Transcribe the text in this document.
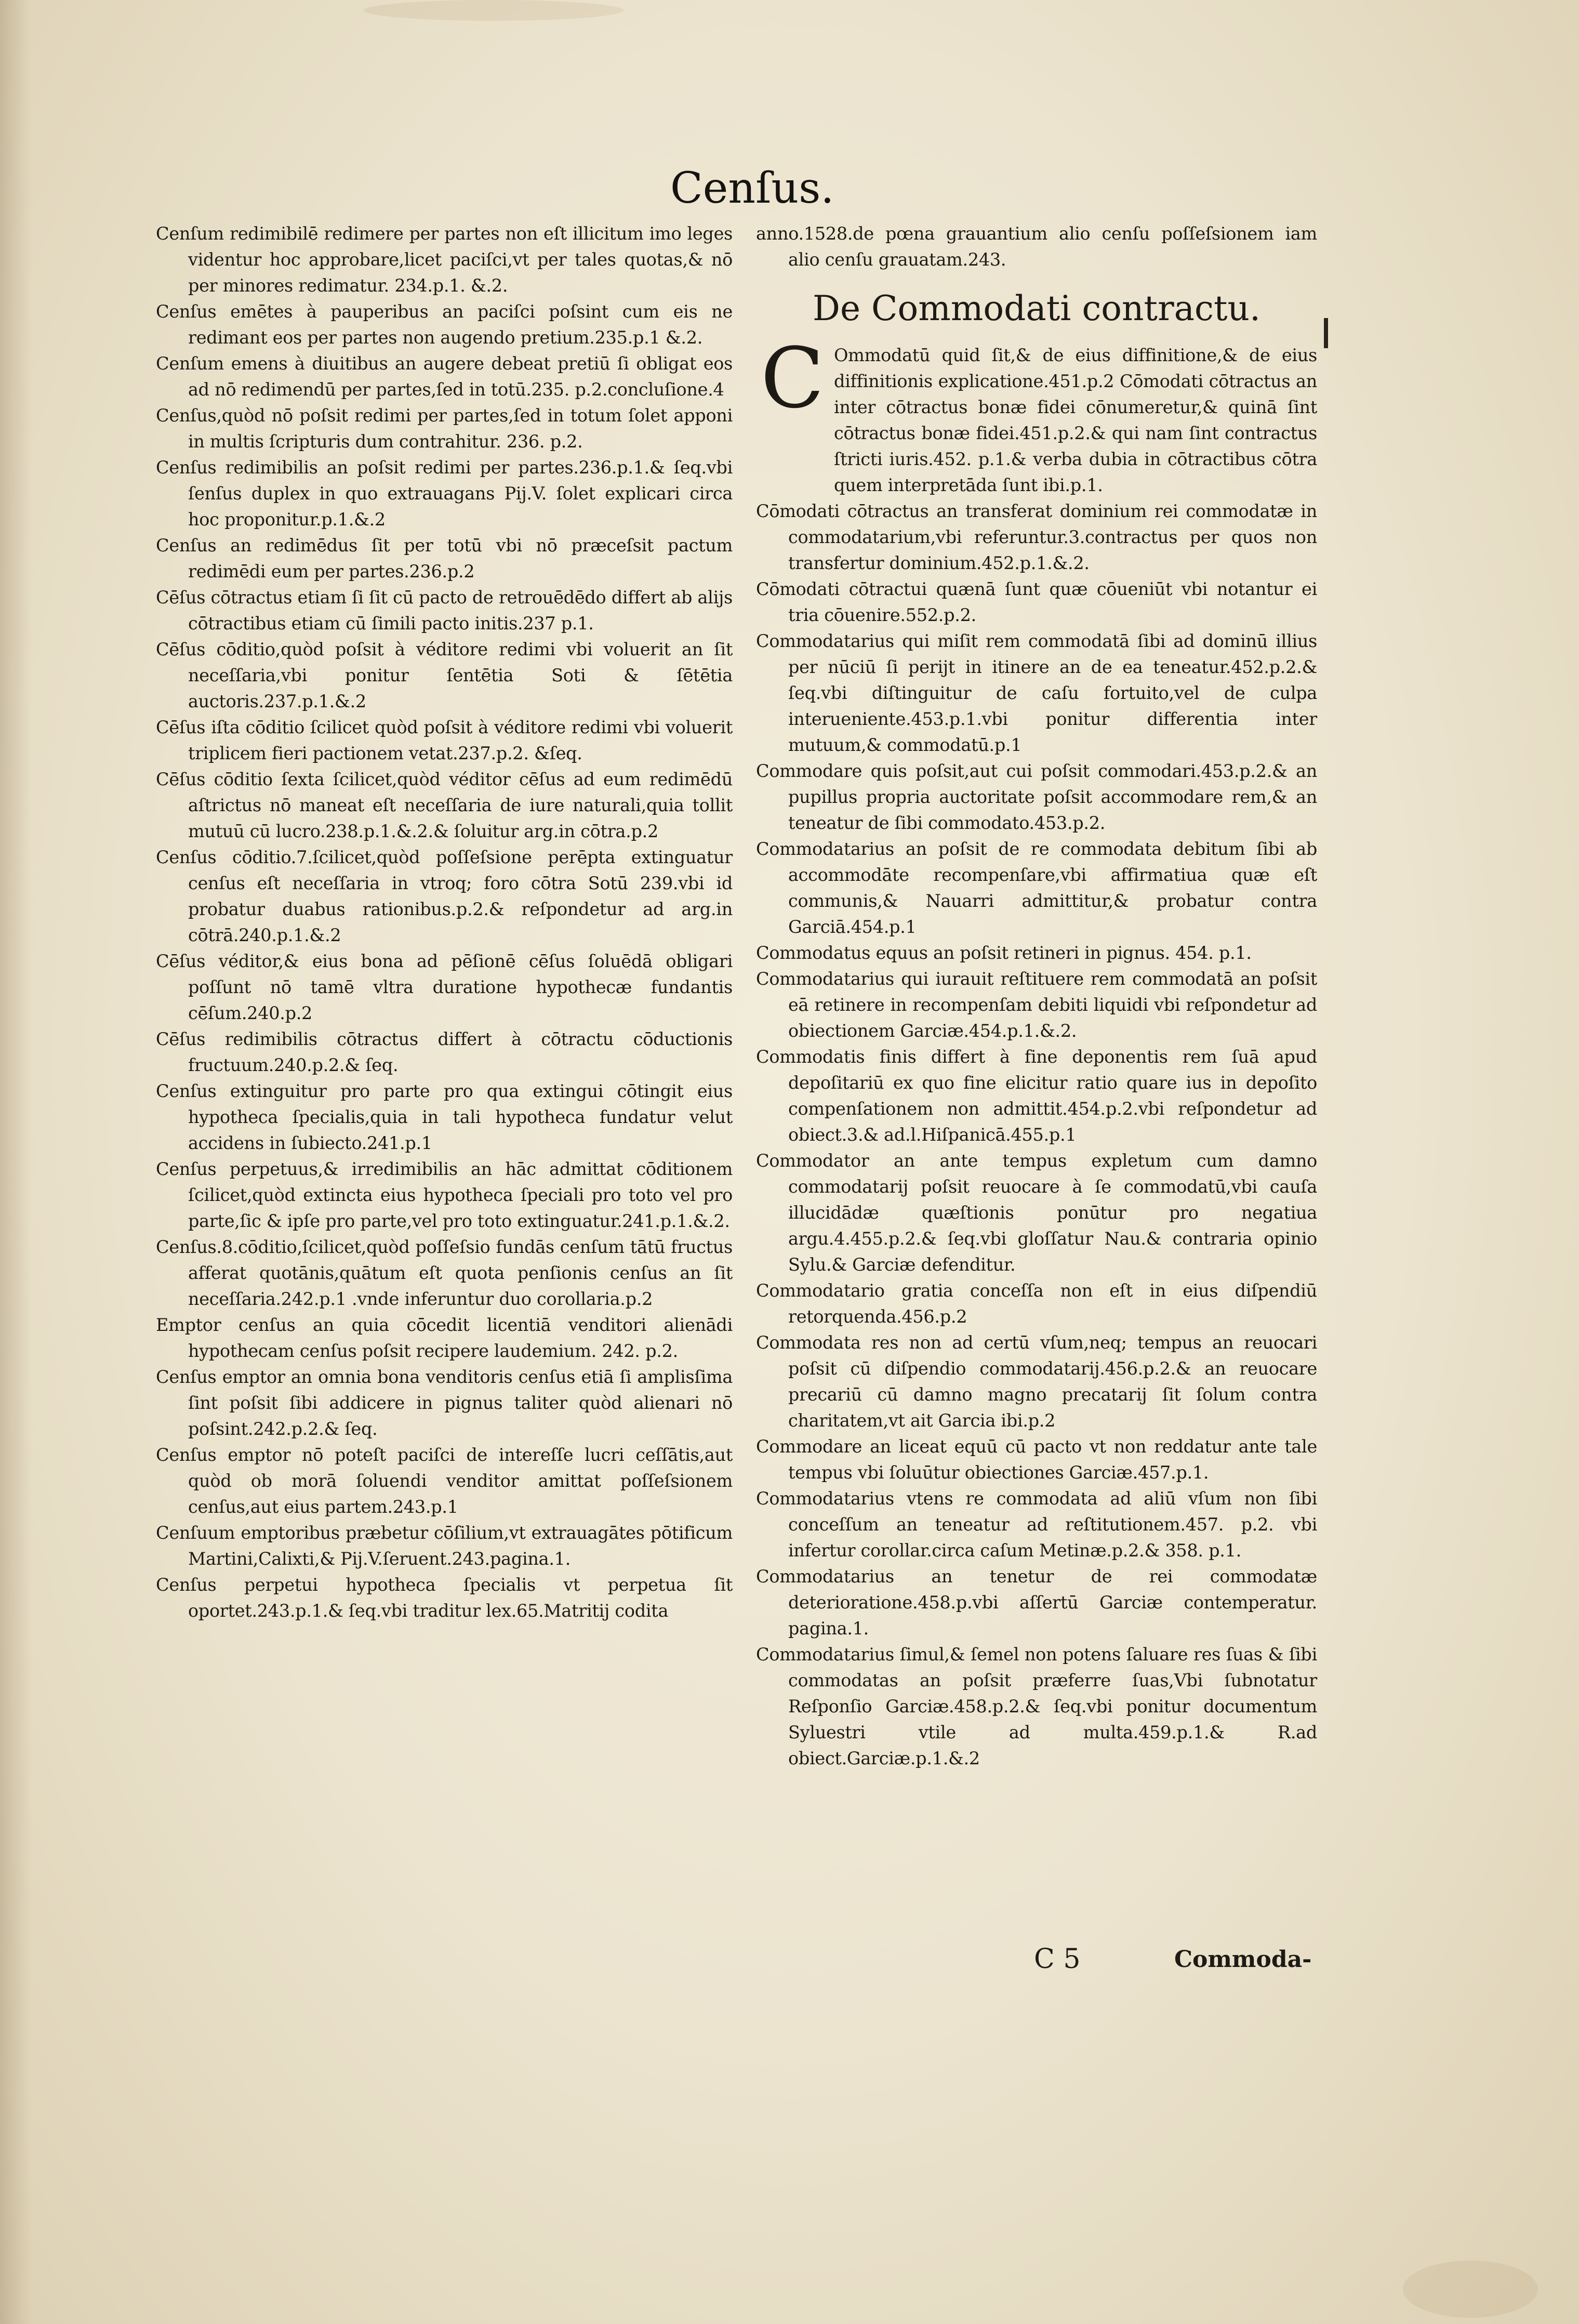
Cenſus.

Cenſum redimibilē redimere per partes non eſt illicitum imo leges videntur hoc approbare,licet paciſci,vt per tales quotas,& nō per minores redimatur. 234.p.1. &.2.

Cenſus emētes à pauperibus an paciſci poſsint cum eis ne redimant eos per partes non augendo pretium.235.p.1 &.2.

Cenſum emens à diuitibus an augere debeat pretiū ſi obligat eos ad nō redimendū per partes,ſed in totū.235. p.2.concluſione.4

Cenſus,quòd nō poſsit redimi per partes,ſed in totum ſolet apponi in multis ſcripturis dum contrahitur. 236. p.2.

Cenſus redimibilis an poſsit redimi per partes.236.p.1.& ſeq.vbi ſenſus duplex in quo extrauagans Pij.V. ſolet explicari circa hoc proponitur.p.1.&.2

Cenſus an redimēdus ſit per totū vbi nō præceſsit pactum redimēdi eum per partes.236.p.2

Cēſus cōtractus etiam ſi ſit cū pacto de retrouēdēdo differt ab alijs cōtractibus etiam cū ſimili pacto initis.237 p.1.

Cēſus cōditio,quòd poſsit à véditore redimi vbi voluerit an ſit neceſſaria,vbi ponitur ſentētia Soti & ſētētia auctoris.237.p.1.&.2

Cēſus iſta cōditio ſcilicet quòd poſsit à véditore redimi vbi voluerit triplicem fieri pactionem vetat.237.p.2. &ſeq.

Cēſus cōditio ſexta ſcilicet,quòd véditor cēſus ad eum redimēdū aſtrictus nō maneat eſt neceſſaria de iure naturali,quia tollit mutuū cū lucro.238.p.1.&.2.& ſoluitur arg.in cōtra.p.2

Cenſus cōditio.7.ſcilicet,quòd poſſeſsione perēpta extinguatur cenſus eſt neceſſaria in vtroq; foro cōtra Sotū 239.vbi id probatur duabus rationibus.p.2.& reſpondetur ad arg.in cōtrā.240.p.1.&.2

Cēſus véditor,& eius bona ad pēſionē cēſus ſoluēdā obligari poſſunt nō tamē vltra duratione hypothecæ fundantis cēſum.240.p.2

Cēſus redimibilis cōtractus differt à cōtractu cōductionis fructuum.240.p.2.& ſeq.

Cenſus extinguitur pro parte pro qua extingui cōtingit eius hypotheca ſpecialis,quia in tali hypotheca fundatur velut accidens in ſubiecto.241.p.1

Cenſus perpetuus,& irredimibilis an hāc admittat cōditionem ſcilicet,quòd extincta eius hypotheca ſpeciali pro toto vel pro parte,ſic & ipſe pro parte,vel pro toto extinguatur.241.p.1.&.2.

Cenſus.8.cōditio,ſcilicet,quòd poſſeſsio fundās cenſum tātū fructus afferat quotānis,quātum eſt quota penſionis cenſus an ſit neceſſaria.242.p.1 .vnde inferuntur duo corollaria.p.2

Emptor cenſus an quia cōcedit licentiā venditori alienādi hypothecam cenſus poſsit recipere laudemium. 242. p.2.

Cenſus emptor an omnia bona venditoris cenſus etiā ſi amplisſima ſint poſsit ſibi addicere in pignus taliter quòd alienari nō poſsint.242.p.2.& ſeq.

Cenſus emptor nō poteſt paciſci de intereſſe lucri ceſſātis,aut quòd ob morā ſoluendi venditor amittat poſſeſsionem cenſus,aut eius partem.243.p.1

Cenſuum emptoribus præbetur cōſilium,vt extrauagātes pōtificum Martini,Calixti,& Pij.V.ſeruent.243.pagina.1.

Cenſus perpetui hypotheca ſpecialis vt perpetua ſit oportet.243.p.1.& ſeq.vbi traditur lex.65.Matritij codita

anno.1528.de pœna grauantium alio cenſu poſſeſsionem iam alio cenſu grauatam.243.

De Commodati contractu.

C Ommodatū quid ſit,& de eius diffinitione,& de eius diffinitionis explicatione.451.p.2 Cōmodati cōtractus an inter cōtractus bonæ fidei cōnumeretur,& quinā ſint cōtractus bonæ fidei.451.p.2.& qui nam ſint contractus ſtricti iuris.452. p.1.& verba dubia in cōtractibus cōtra quem interpretāda ſunt ibi.p.1.

Cōmodati cōtractus an transferat dominium rei commodatæ in commodatarium,vbi referuntur.3.contractus per quos non transfertur dominium.452.p.1.&.2.

Cōmodati cōtractui quænā ſunt quæ cōueniūt vbi notantur ei tria cōuenire.552.p.2.

Commodatarius qui miſit rem commodatā ſibi ad dominū illius per nūciū ſi perijt in itinere an de ea teneatur.452.p.2.& ſeq.vbi diſtinguitur de caſu fortuito,vel de culpa interueniente.453.p.1.vbi ponitur differentia inter mutuum,& commodatū.p.1

Commodare quis poſsit,aut cui poſsit commodari.453.p.2.& an pupillus propria auctoritate poſsit accommodare rem,& an teneatur de ſibi commodato.453.p.2.

Commodatarius an poſsit de re commodata debitum ſibi ab accommodāte recompenſare,vbi affirmatiua quæ eſt communis,& Nauarri admittitur,& probatur contra Garciā.454.p.1

Commodatus equus an poſsit retineri in pignus. 454. p.1.

Commodatarius qui iurauit reſtituere rem commodatā an poſsit eā retinere in recompenſam debiti liquidi vbi reſpondetur ad obiectionem Garciæ.454.p.1.&.2.

Commodatis finis differt à fine deponentis rem ſuā apud depoſitariū ex quo fine elicitur ratio quare ius in depoſito compenſationem non admittit.454.p.2.vbi reſpondetur ad obiect.3.& ad.l.Hiſpanicā.455.p.1

Commodator an ante tempus expletum cum damno commodatarij poſsit reuocare à ſe commodatū,vbi cauſa illucidādæ quæſtionis ponūtur pro negatiua argu.4.455.p.2.& ſeq.vbi gloſſatur Nau.& contraria opinio Sylu.& Garciæ defenditur.

Commodatario gratia conceſſa non eſt in eius diſpendiū retorquenda.456.p.2

Commodata res non ad certū vſum,neq; tempus an reuocari poſsit cū diſpendio commodatarij.456.p.2.& an reuocare precariū cū damno magno precatarij ſit ſolum contra charitatem,vt ait Garcia ibi.p.2

Commodare an liceat equū cū pacto vt non reddatur ante tale tempus vbi ſoluūtur obiectiones Garciæ.457.p.1.

Commodatarius vtens re commodata ad aliū vſum non ſibi conceſſum an teneatur ad reſtitutionem.457. p.2. vbi infertur corollar.circa caſum Metinæ.p.2.& 358. p.1.

Commodatarius an tenetur de rei commodatæ deterioratione.458.p.vbi aſſertū Garciæ contemperatur. pagina.1.

Commodatarius ſimul,& ſemel non potens ſaluare res ſuas & ſibi commodatas an poſsit præferre ſuas,Vbi ſubnotatur Reſponſio Garciæ.458.p.2.& ſeq.vbi ponitur documentum Syluestri vtile ad multa.459.p.1.& R.ad obiect.Garciæ.p.1.&.2

C 5	Commoda-
